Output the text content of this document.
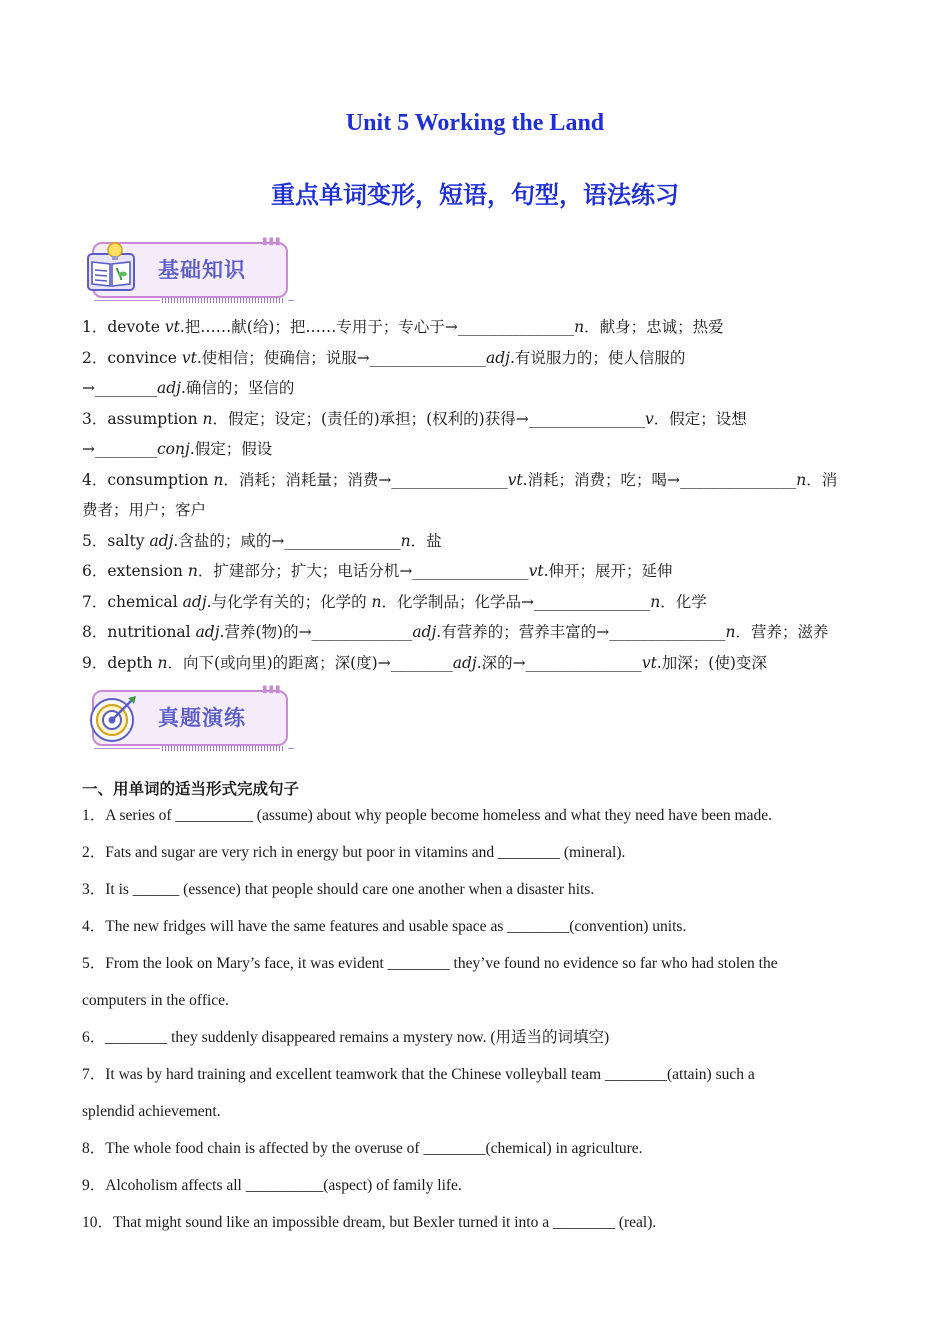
Unit 5 Working the Land
重点单词变形，短语，句型，语法练习
▮▮▮
基础知识
1．devote vt.把……献(给)；把……专用于；专心于→_______________n．献身；忠诚；热爱
2．convince vt.使相信；使确信；说服→_______________adj.有说服力的；使人信服的
→________adj.确信的；坚信的
3．assumption n．假定；设定；(责任的)承担；(权利的)获得→_______________v．假定；设想
→________conj.假定；假设
4．consumption n．消耗；消耗量；消费→_______________vt.消耗；消费；吃；喝→_______________n．消
费者；用户；客户
5．salty adj.含盐的；咸的→_______________n．盐
6．extension n．扩建部分；扩大；电话分机→_______________vt.伸开；展开；延伸
7．chemical adj.与化学有关的；化学的 n．化学制品；化学品→_______________n．化学
8．nutritional adj.营养(物)的→_____________adj.有营养的；营养丰富的→_______________n．营养；滋养
9．depth n．向下(或向里)的距离；深(度)→________adj.深的→_______________vt.加深；(使)变深
▮▮▮
真题演练
一、用单词的适当形式完成句子
1．A series of __________ (assume) about why people become homeless and what they need have been made.
2．Fats and sugar are very rich in energy but poor in vitamins and ________ (mineral).
3．It is ______ (essence) that people should care one another when a disaster hits.
4．The new fridges will have the same features and usable space as ________(convention) units.
5．From the look on Mary’s face, it was evident ________ they’ve found no evidence so far who had stolen the
computers in the office.
6．________ they suddenly disappeared remains a mystery now. (用适当的词填空)
7．It was by hard training and excellent teamwork that the Chinese volleyball team ________(attain) such a
splendid achievement.
8．The whole food chain is affected by the overuse of ________(chemical) in agriculture.
9．Alcoholism affects all __________(aspect) of family life.
10．That might sound like an impossible dream, but Bexler turned it into a ________ (real).
